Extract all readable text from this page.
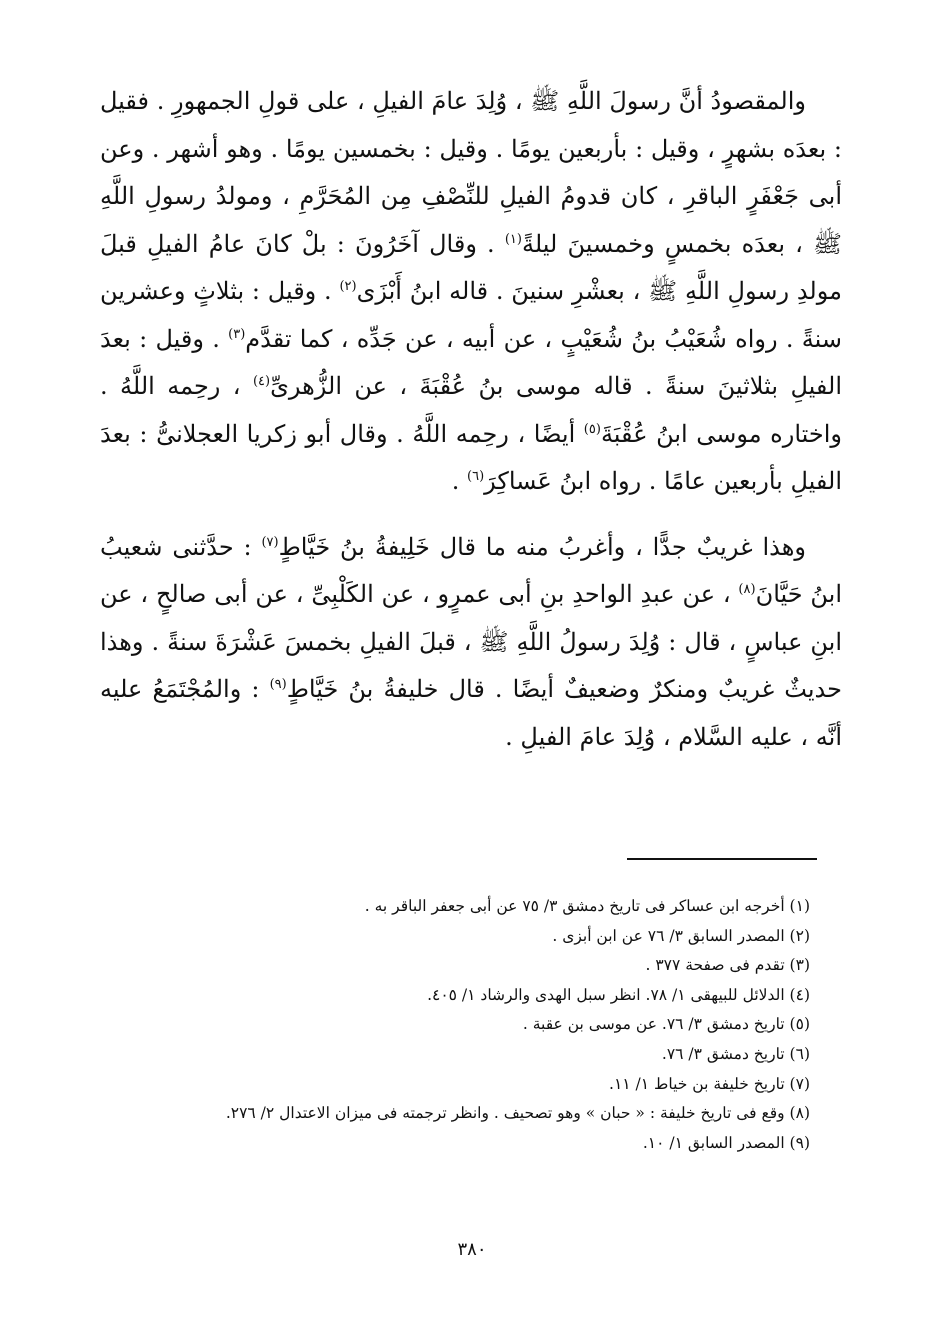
والمقصودُ أنَّ رسولَ اللَّهِ ﷺ ، وُلِدَ عامَ الفيلِ ، على قولِ الجمهورِ . فقيل : بعدَه بشهرٍ ، وقيل : بأربعين يومًا . وقيل : بخمسين يومًا . وهو أشهر . وعن أبى جَعْفَرٍ الباقرِ ، كان قدومُ الفيلِ للنِّصْفِ مِن المُحَرَّمِ ، ومولدُ رسولِ اللَّهِ ﷺ ، بعدَه بخمسٍ وخمسينَ ليلةً$^{(١)}$ . وقال آخَرُونَ : بلْ كانَ عامُ الفيلِ قبلَ مولدِ رسولِ اللَّهِ ﷺ ، بعشْرِ سنينَ . قاله ابنُ أَبْزَى$^{(٢)}$ . وقيل : بثلاثٍ وعشرين سنةً . رواه شُعَيْبُ بنُ شُعَيْبٍ ، عن أبيه ، عن جَدِّه ، كما تقدَّم$^{(٣)}$ . وقيل : بعدَ الفيلِ بثلاثينَ سنةً . قاله موسى بنُ عُقْبَةَ ، عن الزُّهرىِّ$^{(٤)}$ ، رحِمه اللَّهُ . واختاره موسى ابنُ عُقْبَةَ$^{(٥)}$ أيضًا ، رحِمه اللَّهُ . وقال أبو زكريا العجلانىُّ : بعدَ الفيلِ بأربعين عامًا . رواه ابنُ عَساكِرَ$^{(٦)}$ .

وهذا غريبٌ جدًّا ، وأغربُ منه ما قال خَلِيفةُ بنُ خَيَّاطٍ$^{(٧)}$ : حدَّثنى شعيبُ ابنُ حَيَّانَ$^{(٨)}$ ، عن عبدِ الواحدِ بنِ أبى عمرٍو ، عن الكَلْبِىِّ ، عن أبى صالحٍ ، عن ابنِ عباسٍ ، قال : وُلِدَ رسولُ اللَّهِ ﷺ ، قبلَ الفيلِ بخمسَ عَشْرَةَ سنةً . وهذا حديثٌ غريبٌ ومنكرٌ وضعيفٌ أيضًا . قال خليفةُ بنُ خَيَّاطٍ$^{(٩)}$ : والمُجْتَمَعُ عليه أنَّه ، عليه السَّلام ، وُلِدَ عامَ الفيلِ .

(١) أخرجه ابن عساكر فى تاريخ دمشق ٣/ ٧٥ عن أبى جعفر الباقر به .
(٢) المصدر السابق ٣/ ٧٦ عن ابن أبزى .
(٣) تقدم فى صفحة ٣٧٧ .
(٤) الدلائل للبيهقى ١/ ٧٨. انظر سبل الهدى والرشاد ١/ ٤٠٥.
(٥) تاريخ دمشق ٣/ ٧٦. عن موسى بن عقبة .
(٦) تاريخ دمشق ٣/ ٧٦.
(٧) تاريخ خليفة بن خياط ١/ ١١.
(٨) وقع فى تاريخ خليفة : « حبان » وهو تصحيف . وانظر ترجمته فى ميزان الاعتدال ٢/ ٢٧٦.
(٩) المصدر السابق ١/ ١٠.
٣٨٠
